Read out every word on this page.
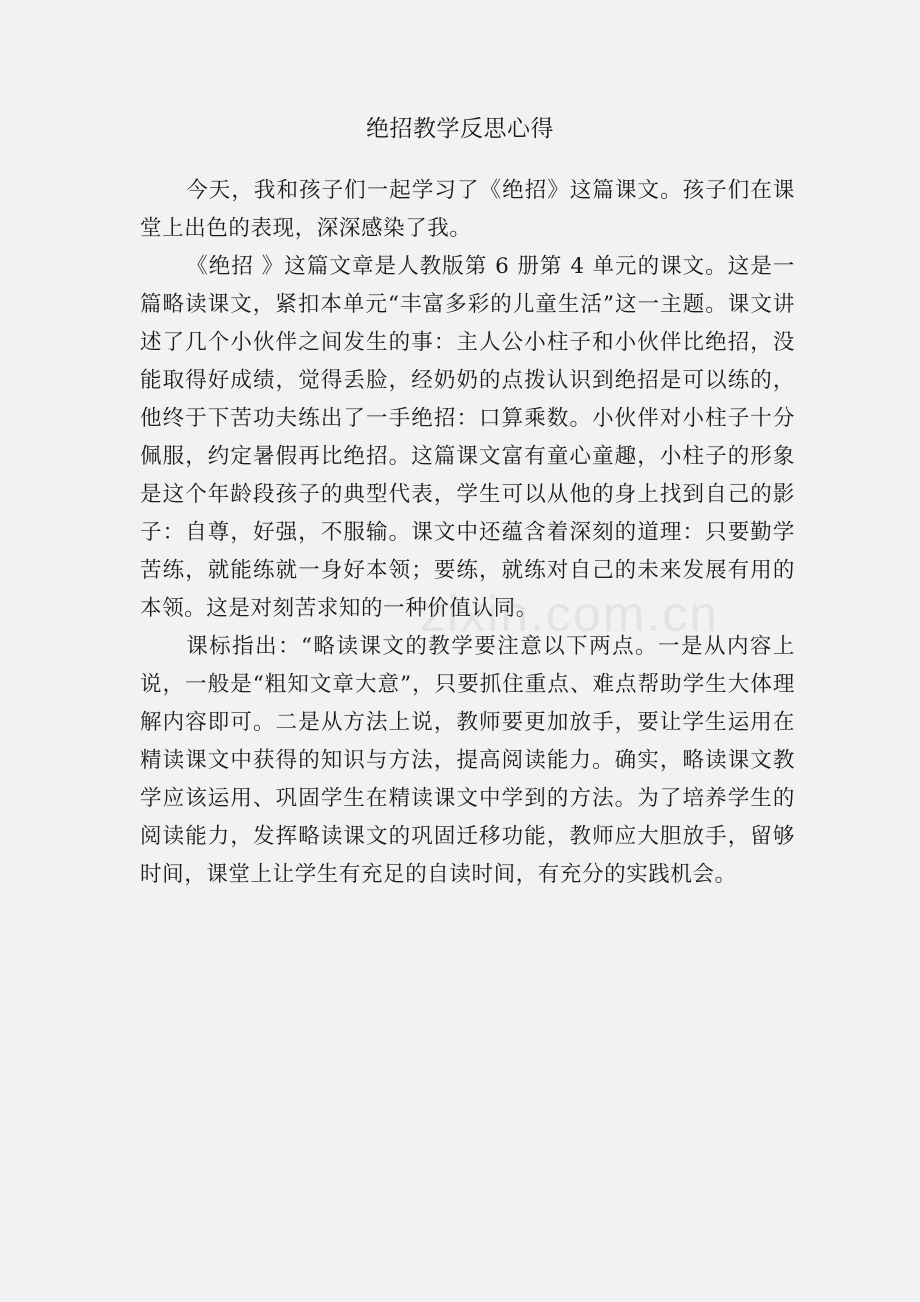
绝招教学反思心得

今天，我和孩子们一起学习了《绝招》这篇课文。孩子们在课堂上出色的表现，深深感染了我。

《绝招 》这篇文章是人教版第 6 册第 4 单元的课文。这是一篇略读课文，紧扣本单元“丰富多彩的儿童生活”这一主题。课文讲述了几个小伙伴之间发生的事：主人公小柱子和小伙伴比绝招，没能取得好成绩，觉得丢脸，经奶奶的点拨认识到绝招是可以练的，他终于下苦功夫练出了一手绝招：口算乘数。小伙伴对小柱子十分佩服，约定暑假再比绝招。这篇课文富有童心童趣，小柱子的形象是这个年龄段孩子的典型代表，学生可以从他的身上找到自己的影子：自尊，好强，不服输。课文中还蕴含着深刻的道理：只要勤学苦练，就能练就一身好本领；要练，就练对自己的未来发展有用的本领。这是对刻苦求知的一种价值认同。

课标指出：“略读课文的教学要注意以下两点。一是从内容上说，一般是“粗知文章大意”，只要抓住重点、难点帮助学生大体理解内容即可。二是从方法上说，教师要更加放手，要让学生运用在精读课文中获得的知识与方法，提高阅读能力。确实，略读课文教学应该运用、巩固学生在精读课文中学到的方法。为了培养学生的阅读能力，发挥略读课文的巩固迁移功能，教师应大胆放手，留够时间，课堂上让学生有充足的自读时间，有充分的实践机会。

zixin.com.cn
